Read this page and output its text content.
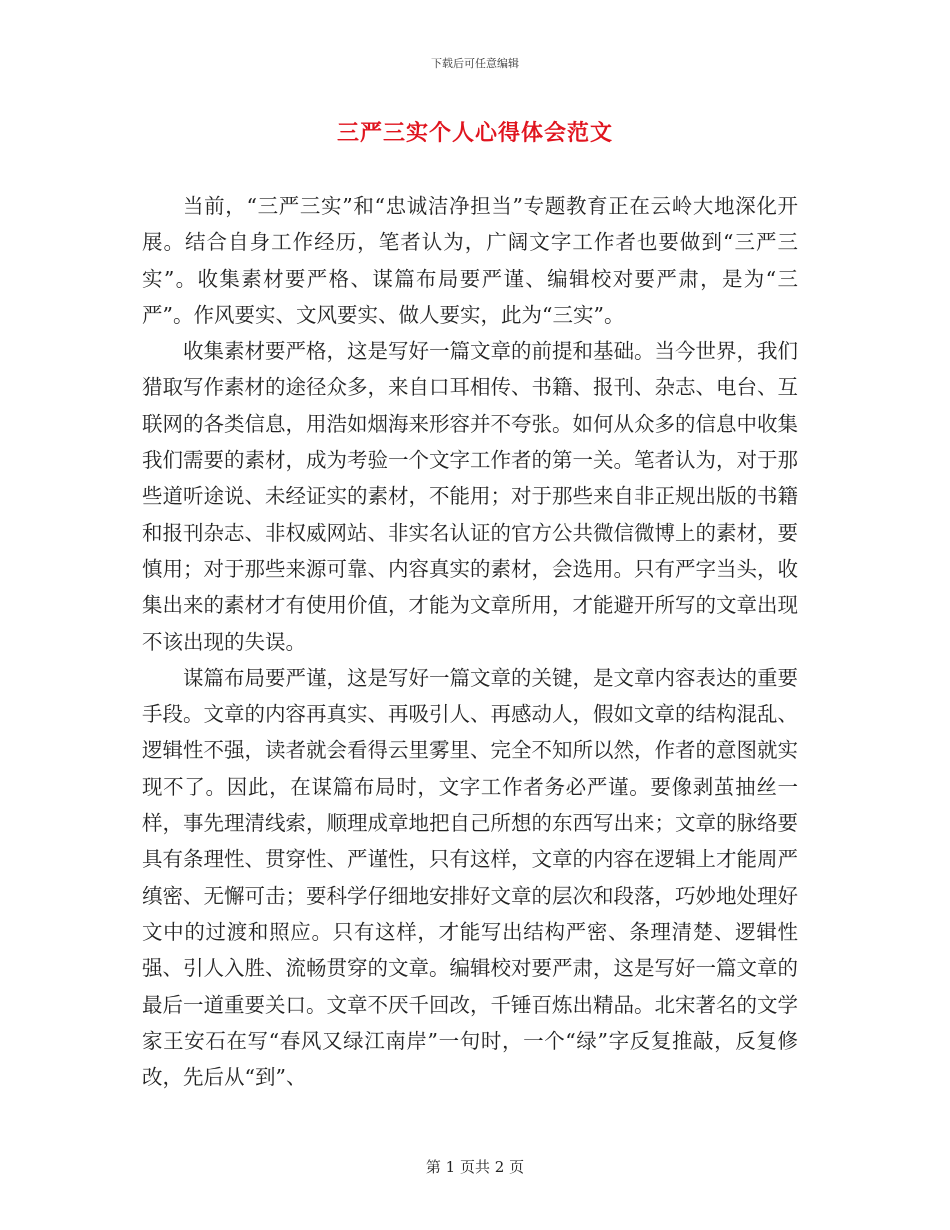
下载后可任意编辑
三严三实个人心得体会范文

当前，“三严三实”和“忠诚洁净担当”专题教育正在云岭大地深化开展。结合自身工作经历，笔者认为，广阔文字工作者也要做到“三严三实”。收集素材要严格、谋篇布局要严谨、编辑校对要严肃，是为“三严”。作风要实、文风要实、做人要实，此为“三实”。

收集素材要严格，这是写好一篇文章的前提和基础。当今世界，我们猎取写作素材的途径众多，来自口耳相传、书籍、报刊、杂志、电台、互联网的各类信息，用浩如烟海来形容并不夸张。如何从众多的信息中收集我们需要的素材，成为考验一个文字工作者的第一关。笔者认为，对于那些道听途说、未经证实的素材，不能用；对于那些来自非正规出版的书籍和报刊杂志、非权威网站、非实名认证的官方公共微信微博上的素材，要慎用；对于那些来源可靠、内容真实的素材，会选用。只有严字当头，收集出来的素材才有使用价值，才能为文章所用，才能避开所写的文章出现不该出现的失误。

谋篇布局要严谨，这是写好一篇文章的关键，是文章内容表达的重要手段。文章的内容再真实、再吸引人、再感动人，假如文章的结构混乱、逻辑性不强，读者就会看得云里雾里、完全不知所以然，作者的意图就实现不了。因此，在谋篇布局时，文字工作者务必严谨。要像剥茧抽丝一样，事先理清线索，顺理成章地把自己所想的东西写出来；文章的脉络要具有条理性、贯穿性、严谨性，只有这样，文章的内容在逻辑上才能周严缜密、无懈可击；要科学仔细地安排好文章的层次和段落，巧妙地处理好文中的过渡和照应。只有这样，才能写出结构严密、条理清楚、逻辑性强、引人入胜、流畅贯穿的文章。编辑校对要严肃，这是写好一篇文章的最后一道重要关口。文章不厌千回改，千锤百炼出精品。北宋著名的文学家王安石在写“春风又绿江南岸”一句时，一个“绿”字反复推敲，反复修改，先后从“到”、

第 1 页共 2 页
